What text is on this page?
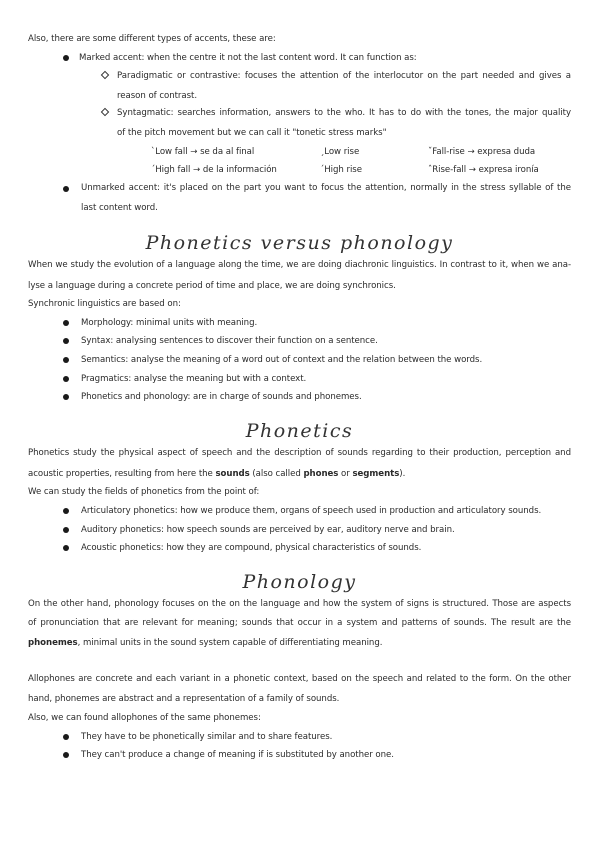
Also, there are some different types of accents, these are:
Marked accent: when the centre it not the last content word. It can function as:
Paradigmatic or contrastive: focuses the attention of the interlocutor on the part needed and gives a
reason of contrast.
Syntagmatic: searches information, answers to the who. It has to do with the tones, the major quality
of the pitch movement but we can call it "tonetic stress marks"
ˋLow fall → se da al final	ˏLow rise	ˇFall-rise → expresa duda
ˊHigh fall → de la información	ˊHigh rise	ˆRise-fall → expresa ironía
Unmarked accent: it's placed on the part you want to focus the attention, normally in the stress syllable of the
last content word.
Phonetics versus phonology
When we study the evolution of a language along the time, we are doing diachronic linguistics. In contrast to it, when we ana-
lyse a language during a concrete period of time and place, we are doing synchronics.
Synchronic linguistics are based on:
Morphology: minimal units with meaning.
Syntax: analysing sentences to discover their function on a sentence.
Semantics: analyse the meaning of a word out of context and the relation between the words.
Pragmatics: analyse the meaning but with a context.
Phonetics and phonology: are in charge of sounds and phonemes.
Phonetics
Phonetics study the physical aspect of speech and the description of sounds regarding to their production, perception and
acoustic properties, resulting from here the sounds (also called phones or segments).
We can study the fields of phonetics from the point of:
Articulatory phonetics: how we produce them, organs of speech used in production and articulatory sounds.
Auditory phonetics: how speech sounds are perceived by ear, auditory nerve and brain.
Acoustic phonetics: how they are compound, physical characteristics of sounds.
Phonology
On the other hand, phonology focuses on the on the language and how the system of signs is structured. Those are aspects
of pronunciation that are relevant for meaning; sounds that occur in a system and patterns of sounds. The result are the
phonemes, minimal units in the sound system capable of differentiating meaning.
Allophones are concrete and each variant in a phonetic context, based on the speech and related to the form. On the other
hand, phonemes are abstract and a representation of a family of sounds.
Also, we can found allophones of the same phonemes:
They have to be phonetically similar and to share features.
They can't produce a change of meaning if is substituted by another one.
